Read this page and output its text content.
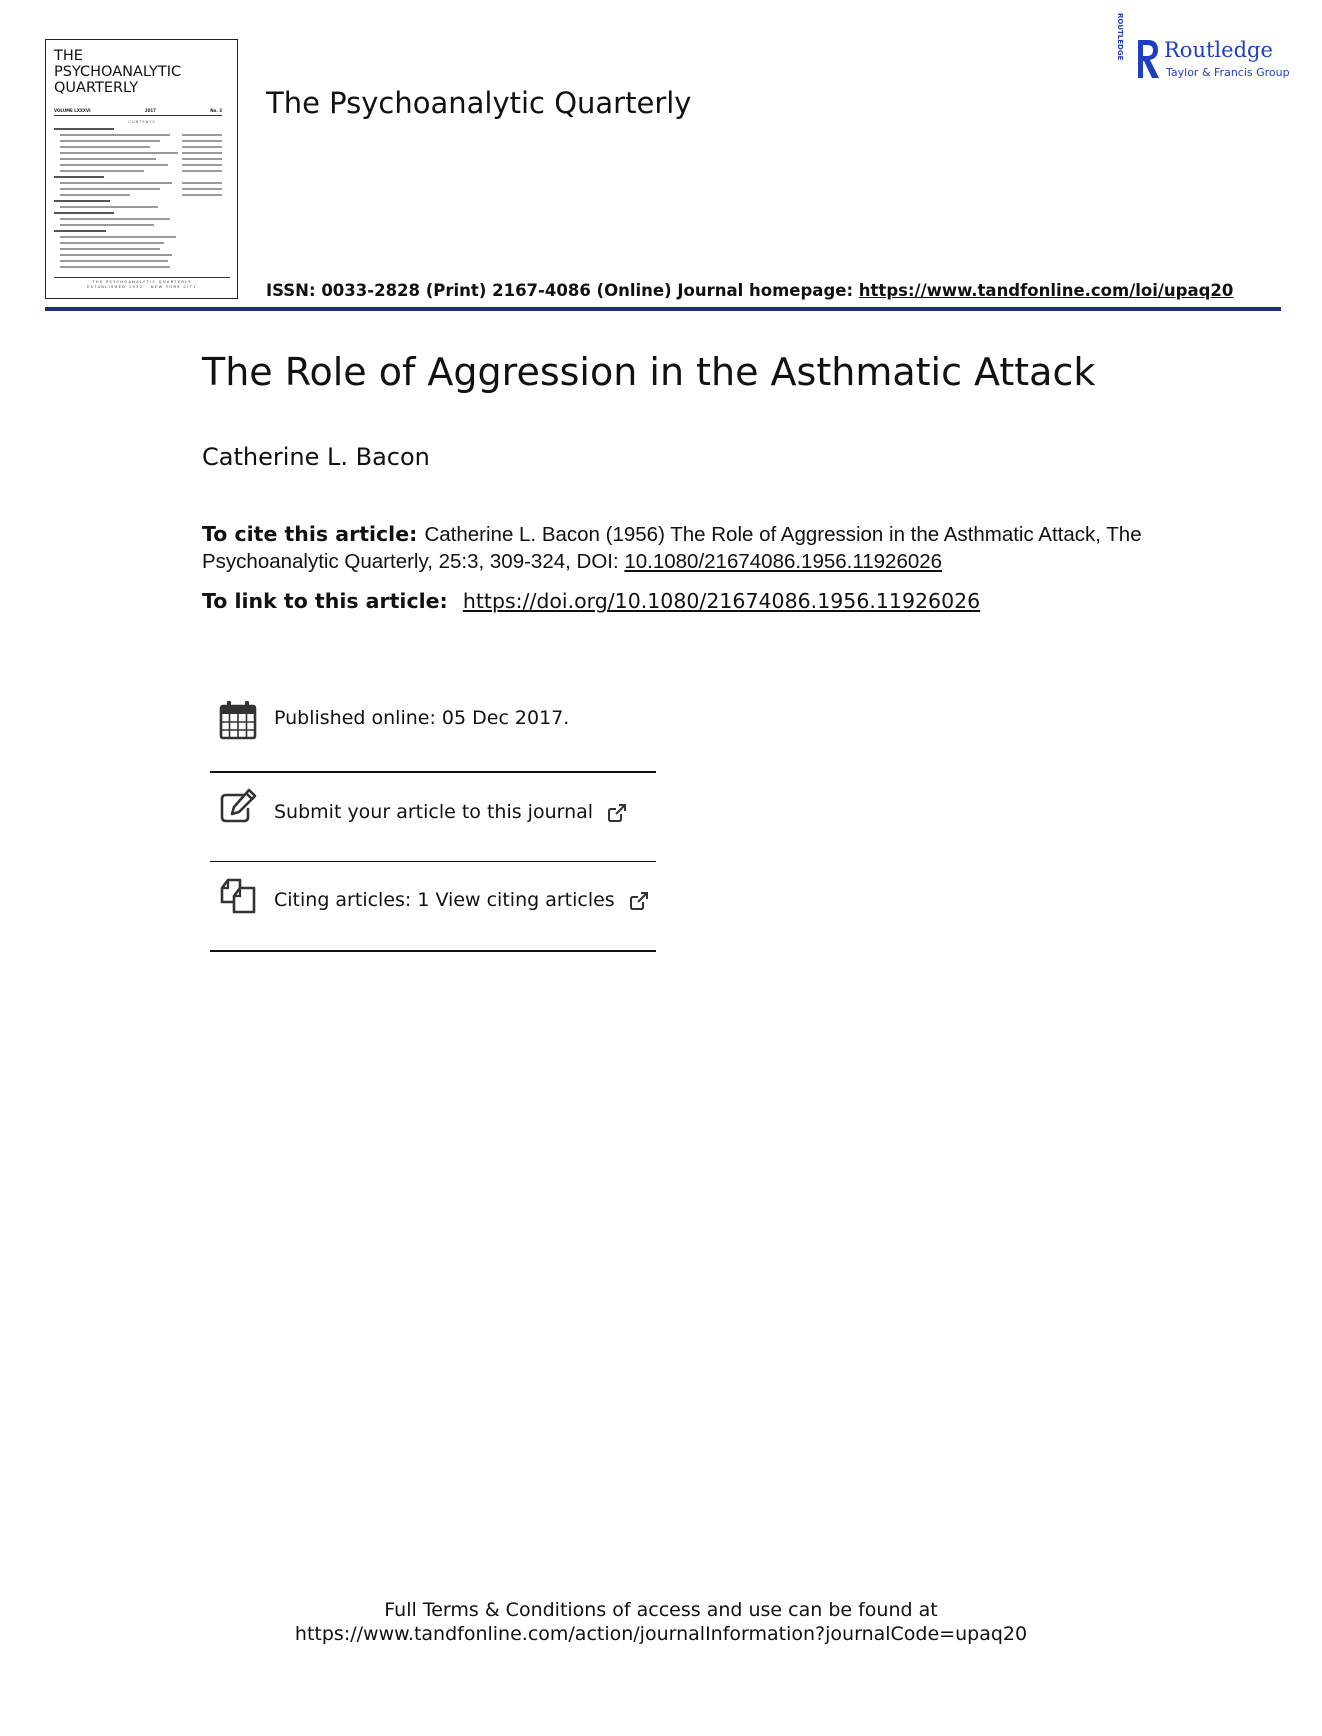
THE
PSYCHOANALYTIC
QUARTERLY
VOLUME LXXXVI	2017	No. 3
CONTENTS
THE PSYCHOANALYTIC QUARTERLY
ESTABLISHED 1932 · NEW YORK CITY
The Psychoanalytic Quarterly
ROUTLEDGE Routledge
Taylor & Francis Group
ISSN: 0033-2828 (Print) 2167-4086 (Online) Journal homepage: https://www.tandfonline.com/loi/upaq20
The Role of Aggression in the Asthmatic Attack
Catherine L. Bacon
To cite this article: Catherine L. Bacon (1956) The Role of Aggression in the Asthmatic Attack, The Psychoanalytic Quarterly, 25:3, 309-324, DOI: 10.1080/21674086.1956.11926026
To link to this article: https://doi.org/10.1080/21674086.1956.11926026
Published online: 05 Dec 2017.
Submit your article to this journal
Citing articles: 1 View citing articles
Full Terms & Conditions of access and use can be found at
https://www.tandfonline.com/action/journalInformation?journalCode=upaq20
